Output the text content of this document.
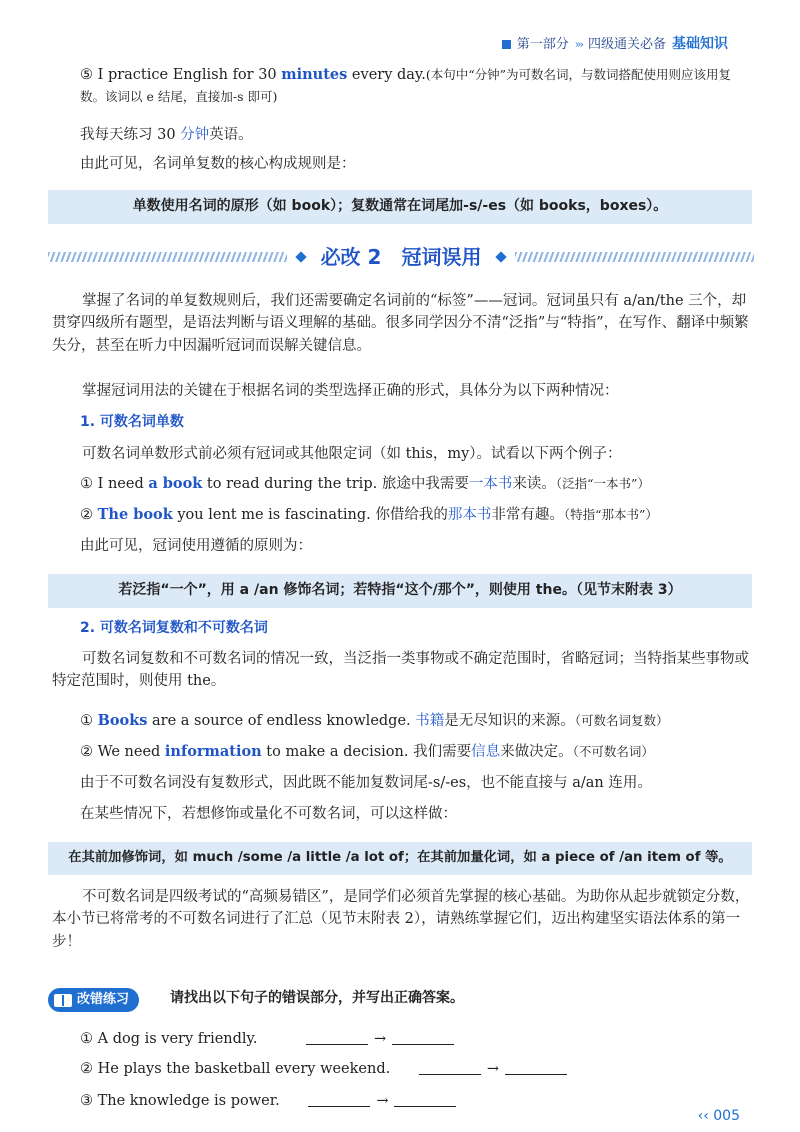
第一部分 ››› 四级通关必备 基础知识
⑤ I practice English for 30 minutes every day.(本句中“分钟”为可数名词，与数词搭配使用则应该用复数。该词以 e 结尾，直接加-s 即可)
我每天练习 30 分钟英语。
由此可见，名词单复数的核心构成规则是：
单数使用名词的原形（如 book）；复数通常在词尾加-s/-es（如 books，boxes）。
必改 2　冠词误用
掌握了名词的单复数规则后，我们还需要确定名词前的“标签”——冠词。冠词虽只有 a/an/the 三个，却贯穿四级所有题型，是语法判断与语义理解的基础。很多同学因分不清“泛指”与“特指”，在写作、翻译中频繁失分，甚至在听力中因漏听冠词而误解关键信息。
掌握冠词用法的关键在于根据名词的类型选择正确的形式，具体分为以下两种情况：
1. 可数名词单数
可数名词单数形式前必须有冠词或其他限定词（如 this，my）。试看以下两个例子：
① I need a book to read during the trip. 旅途中我需要一本书来读。（泛指“一本书”）
② The book you lent me is fascinating. 你借给我的那本书非常有趣。（特指“那本书”）
由此可见，冠词使用遵循的原则为：
若泛指“一个”，用 a /an 修饰名词；若特指“这个/那个”，则使用 the。（见节末附表 3）
2. 可数名词复数和不可数名词
可数名词复数和不可数名词的情况一致，当泛指一类事物或不确定范围时，省略冠词；当特指某些事物或特定范围时，则使用 the。
① Books are a source of endless knowledge. 书籍是无尽知识的来源。（可数名词复数）
② We need information to make a decision. 我们需要信息来做决定。（不可数名词）
由于不可数名词没有复数形式，因此既不能加复数词尾-s/-es，也不能直接与 a/an 连用。
在某些情况下，若想修饰或量化不可数名词，可以这样做：
在其前加修饰词，如 much /some /a little /a lot of；在其前加量化词，如 a piece of /an item of 等。
不可数名词是四级考试的“高频易错区”，是同学们必须首先掌握的核心基础。为助你从起步就锁定分数，本小节已将常考的不可数名词进行了汇总（见节末附表 2），请熟练掌握它们，迈出构建坚实语法体系的第一步！
改错练习	请找出以下句子的错误部分，并写出正确答案。
① A dog is very friendly.	→
② He plays the basketball every weekend.	→
③ The knowledge is power.	→
‹‹ 005
